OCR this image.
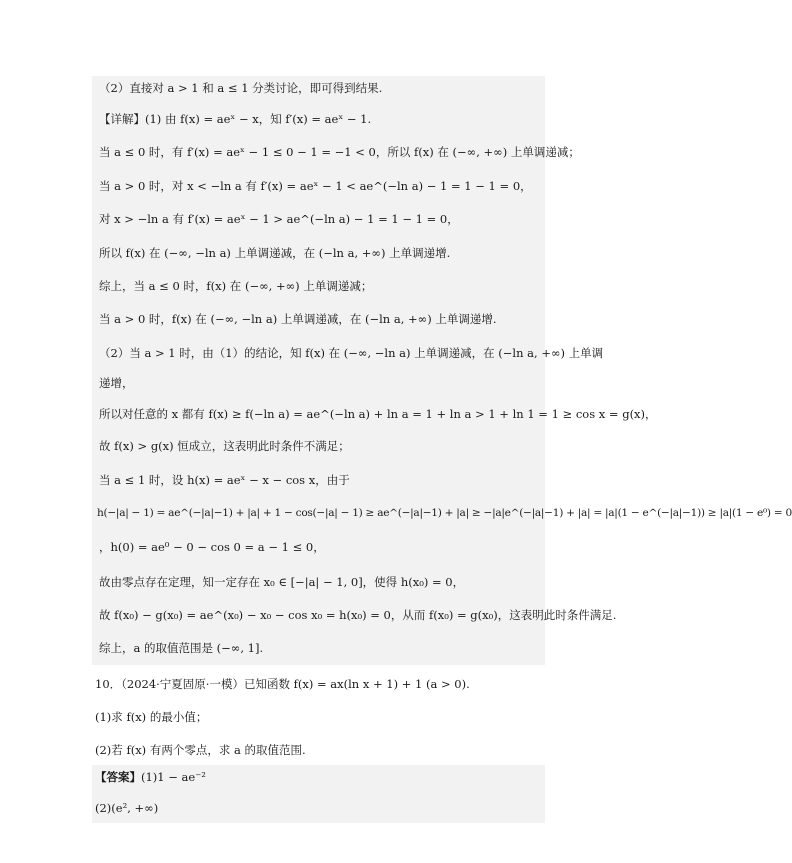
（2）直接对 a > 1 和 a ≤ 1 分类讨论，即可得到结果.
【详解】(1) 由 f(x) = aeˣ − x，知 f′(x) = aeˣ − 1.
当 a ≤ 0 时，有 f′(x) = aeˣ − 1 ≤ 0 − 1 = −1 < 0，所以 f(x) 在 (−∞, +∞) 上单调递减；
当 a > 0 时，对 x < −ln a 有 f′(x) = aeˣ − 1 < ae^(−ln a) − 1 = 1 − 1 = 0，
对 x > −ln a 有 f′(x) = aeˣ − 1 > ae^(−ln a) − 1 = 1 − 1 = 0，
所以 f(x) 在 (−∞, −ln a) 上单调递减，在 (−ln a, +∞) 上单调递增.
综上，当 a ≤ 0 时，f(x) 在 (−∞, +∞) 上单调递减；
当 a > 0 时，f(x) 在 (−∞, −ln a) 上单调递减，在 (−ln a, +∞) 上单调递增.
（2）当 a > 1 时，由（1）的结论，知 f(x) 在 (−∞, −ln a) 上单调递减，在 (−ln a, +∞) 上单调
递增，
所以对任意的 x 都有 f(x) ≥ f(−ln a) = ae^(−ln a) + ln a = 1 + ln a > 1 + ln 1 = 1 ≥ cos x = g(x)，
故 f(x) > g(x) 恒成立，这表明此时条件不满足；
当 a ≤ 1 时，设 h(x) = aeˣ − x − cos x，由于
h(−|a| − 1) = ae^(−|a|−1) + |a| + 1 − cos(−|a| − 1) ≥ ae^(−|a|−1) + |a| ≥ −|a|e^(−|a|−1) + |a| = |a|(1 − e^(−|a|−1)) ≥ |a|(1 − e⁰) = 0
，h(0) = ae⁰ − 0 − cos 0 = a − 1 ≤ 0，
故由零点存在定理，知一定存在 x₀ ∈ [−|a| − 1, 0]，使得 h(x₀) = 0，
故 f(x₀) − g(x₀) = ae^(x₀) − x₀ − cos x₀ = h(x₀) = 0，从而 f(x₀) = g(x₀)，这表明此时条件满足.
综上，a 的取值范围是 (−∞, 1].
10．（2024·宁夏固原·一模）已知函数 f(x) = ax(ln x + 1) + 1 (a > 0).
(1)求 f(x) 的最小值；
(2)若 f(x) 有两个零点，求 a 的取值范围.
【答案】(1)1 − ae⁻²
(2)(e², +∞)
